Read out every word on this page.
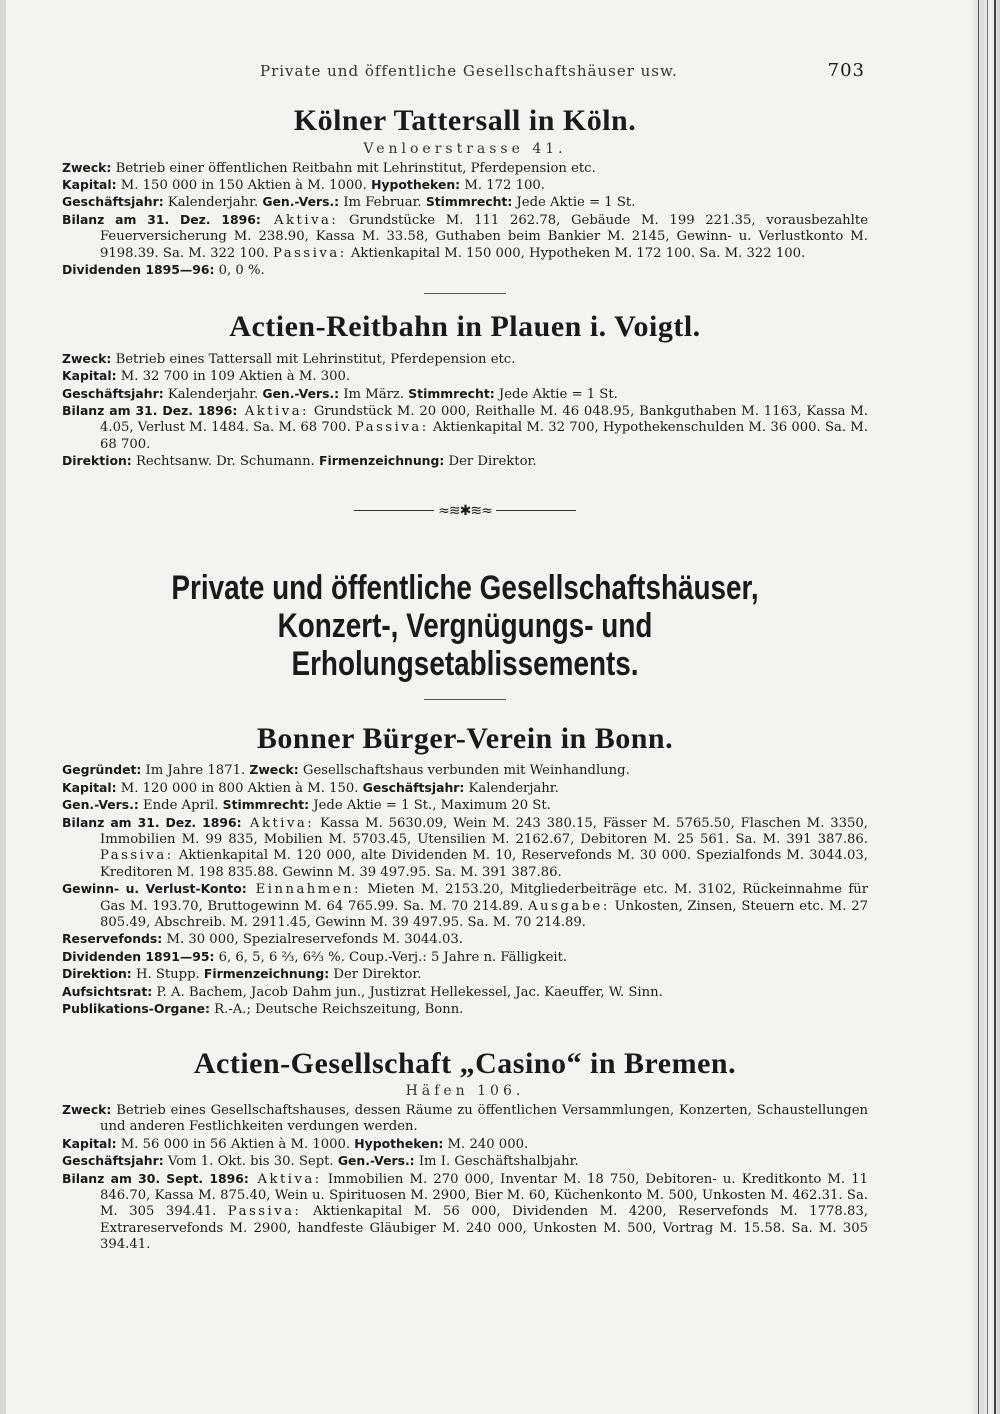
Private und öffentliche Gesellschaftshäuser usw.	703
Kölner Tattersall in Köln.
Venloerstrasse 41.

Zweck: Betrieb einer öffentlichen Reitbahn mit Lehrinstitut, Pferdepension etc.

Kapital: M. 150 000 in 150 Aktien à M. 1000. Hypotheken: M. 172 100.

Geschäftsjahr: Kalenderjahr. Gen.-Vers.: Im Februar. Stimmrecht: Jede Aktie = 1 St.

Bilanz am 31. Dez. 1896: Aktiva: Grundstücke M. 111 262.78, Gebäude M. 199 221.35, vorausbezahlte Feuerversicherung M. 238.90, Kassa M. 33.58, Guthaben beim Bankier M. 2145, Gewinn- u. Verlustkonto M. 9198.39. Sa. M. 322 100. Passiva: Aktienkapital M. 150 000, Hypotheken M. 172 100. Sa. M. 322 100.

Dividenden 1895—96: 0, 0 %.

Actien-Reitbahn in Plauen i. Voigtl.

Zweck: Betrieb eines Tattersall mit Lehrinstitut, Pferdepension etc.

Kapital: M. 32 700 in 109 Aktien à M. 300.

Geschäftsjahr: Kalenderjahr. Gen.-Vers.: Im März. Stimmrecht: Jede Aktie = 1 St.

Bilanz am 31. Dez. 1896: Aktiva: Grundstück M. 20 000, Reithalle M. 46 048.95, Bankguthaben M. 1163, Kassa M. 4.05, Verlust M. 1484. Sa. M. 68 700. Passiva: Aktienkapital M. 32 700, Hypothekenschulden M. 36 000. Sa. M. 68 700.

Direktion: Rechtsanw. Dr. Schumann. Firmenzeichnung: Der Direktor.

≈≋✱≋≈
Private und öffentliche Gesellschaftshäuser, Konzert-, Vergnügungs- und Erholungsetablissements.
Bonner Bürger-Verein in Bonn.

Gegründet: Im Jahre 1871. Zweck: Gesellschaftshaus verbunden mit Weinhandlung.

Kapital: M. 120 000 in 800 Aktien à M. 150. Geschäftsjahr: Kalenderjahr.

Gen.-Vers.: Ende April. Stimmrecht: Jede Aktie = 1 St., Maximum 20 St.

Bilanz am 31. Dez. 1896: Aktiva: Kassa M. 5630.09, Wein M. 243 380.15, Fässer M. 5765.50, Flaschen M. 3350, Immobilien M. 99 835, Mobilien M. 5703.45, Utensilien M. 2162.67, Debitoren M. 25 561. Sa. M. 391 387.86. Passiva: Aktienkapital M. 120 000, alte Dividenden M. 10, Reservefonds M. 30 000. Spezialfonds M. 3044.03, Kreditoren M. 198 835.88. Gewinn M. 39 497.95. Sa. M. 391 387.86.

Gewinn- u. Verlust-Konto: Einnahmen: Mieten M. 2153.20, Mitgliederbeiträge etc. M. 3102, Rückeinnahme für Gas M. 193.70, Bruttogewinn M. 64 765.99. Sa. M. 70 214.89. Ausgabe: Unkosten, Zinsen, Steuern etc. M. 27 805.49, Abschreib. M. 2911.45, Gewinn M. 39 497.95. Sa. M. 70 214.89.

Reservefonds: M. 30 000, Spezialreservefonds M. 3044.03.

Dividenden 1891—95: 6, 6, 5, 6 ⅔, 6⅔ %. Coup.-Verj.: 5 Jahre n. Fälligkeit.

Direktion: H. Stupp. Firmenzeichnung: Der Direktor.

Aufsichtsrat: P. A. Bachem, Jacob Dahm jun., Justizrat Hellekessel, Jac. Kaeuffer, W. Sinn.

Publikations-Organe: R.-A.; Deutsche Reichszeitung, Bonn.

Actien-Gesellschaft „Casino“ in Bremen.
Häfen 106.

Zweck: Betrieb eines Gesellschaftshauses, dessen Räume zu öffentlichen Versammlungen, Konzerten, Schaustellungen und anderen Festlichkeiten verdungen werden.

Kapital: M. 56 000 in 56 Aktien à M. 1000. Hypotheken: M. 240 000.

Geschäftsjahr: Vom 1. Okt. bis 30. Sept. Gen.-Vers.: Im I. Geschäftshalbjahr.

Bilanz am 30. Sept. 1896: Aktiva: Immobilien M. 270 000, Inventar M. 18 750, Debitoren- u. Kreditkonto M. 11 846.70, Kassa M. 875.40, Wein u. Spirituosen M. 2900, Bier M. 60, Küchenkonto M. 500, Unkosten M. 462.31. Sa. M. 305 394.41. Passiva: Aktienkapital M. 56 000, Dividenden M. 4200, Reservefonds M. 1778.83, Extrareservefonds M. 2900, handfeste Gläubiger M. 240 000, Unkosten M. 500, Vortrag M. 15.58. Sa. M. 305 394.41.
